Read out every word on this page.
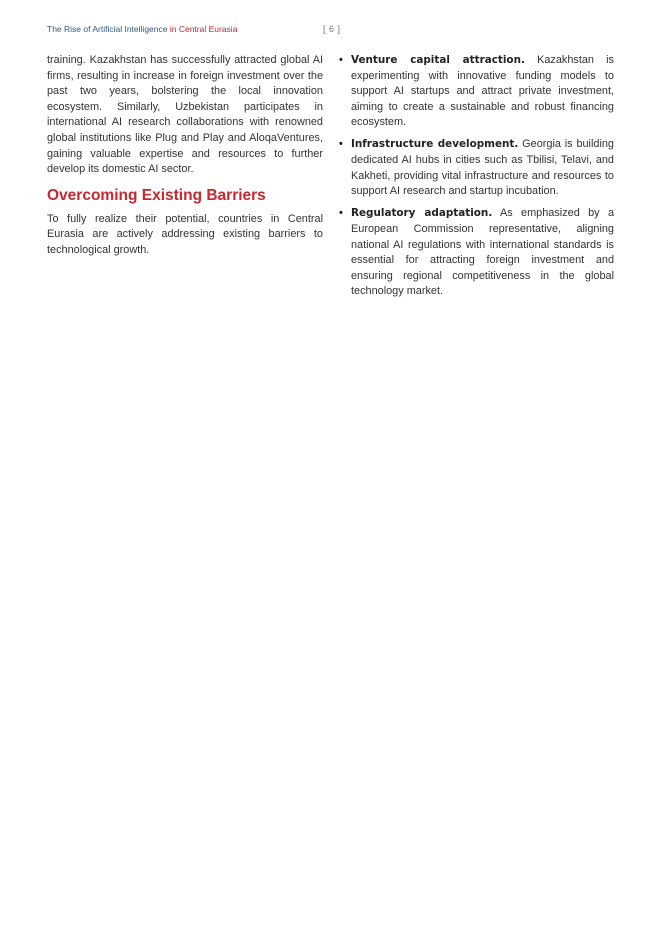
The Rise of Artificial Intelligence in Central Eurasia	[ 6 ]

training. Kazakhstan has successfully attracted global AI firms, resulting in increase in foreign investment over the past two years, bolstering the local innovation ecosystem. Similarly, Uzbekistan participates in international AI research collaborations with renowned global institutions like Plug and Play and AloqaVentures, gaining valuable expertise and resources to further develop its domestic AI sector.

Overcoming Existing Barriers

To fully realize their potential, countries in Central Eurasia are actively addressing existing barriers to technological growth.

• Venture capital attraction. Kazakhstan is experimenting with innovative funding models to support AI startups and attract private investment, aiming to create a sustainable and robust financing ecosystem.
• Infrastructure development. Georgia is building dedicated AI hubs in cities such as Tbilisi, Telavi, and Kakheti, providing vital infrastructure and resources to support AI research and startup incubation.
• Regulatory adaptation. As emphasized by a European Commission representative, aligning national AI regulations with international standards is essential for attracting foreign investment and ensuring regional competitiveness in the global technology market.
